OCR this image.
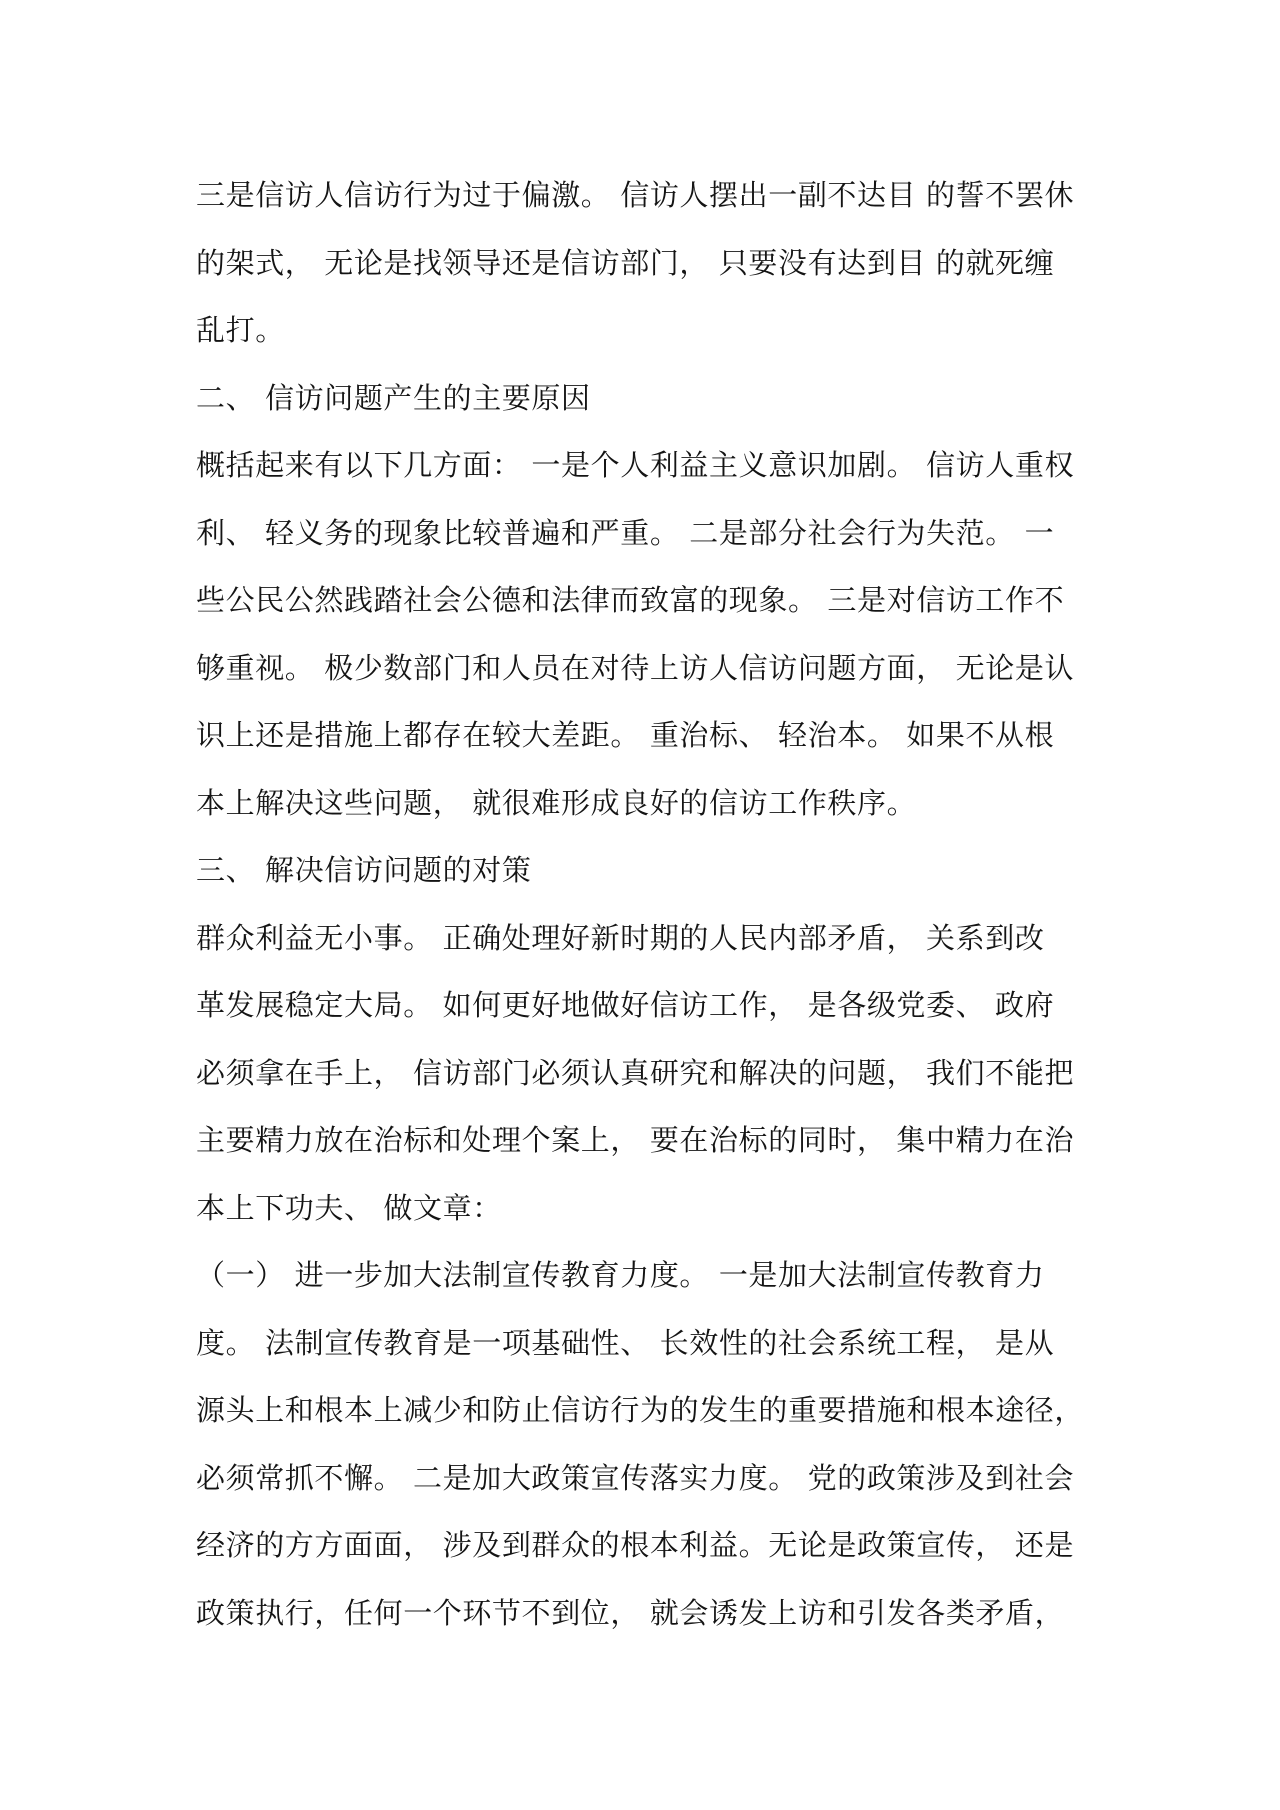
三是信访人信访行为过于偏激。 信访人摆出一副不达目 的誓不罢休
的架式， 无论是找领导还是信访部门， 只要没有达到目 的就死缠
乱打。
二、 信访问题产生的主要原因
概括起来有以下几方面： 一是个人利益主义意识加剧。 信访人重权
利、 轻义务的现象比较普遍和严重。 二是部分社会行为失范。 一
些公民公然践踏社会公德和法律而致富的现象。 三是对信访工作不
够重视。 极少数部门和人员在对待上访人信访问题方面， 无论是认
识上还是措施上都存在较大差距。 重治标、 轻治本。 如果不从根
本上解决这些问题， 就很难形成良好的信访工作秩序。
三、 解决信访问题的对策
群众利益无小事。 正确处理好新时期的人民内部矛盾， 关系到改
革发展稳定大局。 如何更好地做好信访工作， 是各级党委、 政府
必须拿在手上， 信访部门必须认真研究和解决的问题， 我们不能把
主要精力放在治标和处理个案上， 要在治标的同时， 集中精力在治
本上下功夫、 做文章：
（一） 进一步加大法制宣传教育力度。 一是加大法制宣传教育力
度。 法制宣传教育是一项基础性、 长效性的社会系统工程， 是从
源头上和根本上减少和防止信访行为的发生的重要措施和根本途径，
必须常抓不懈。 二是加大政策宣传落实力度。 党的政策涉及到社会
经济的方方面面， 涉及到群众的根本利益。无论是政策宣传， 还是
政策执行，任何一个环节不到位， 就会诱发上访和引发各类矛盾，
